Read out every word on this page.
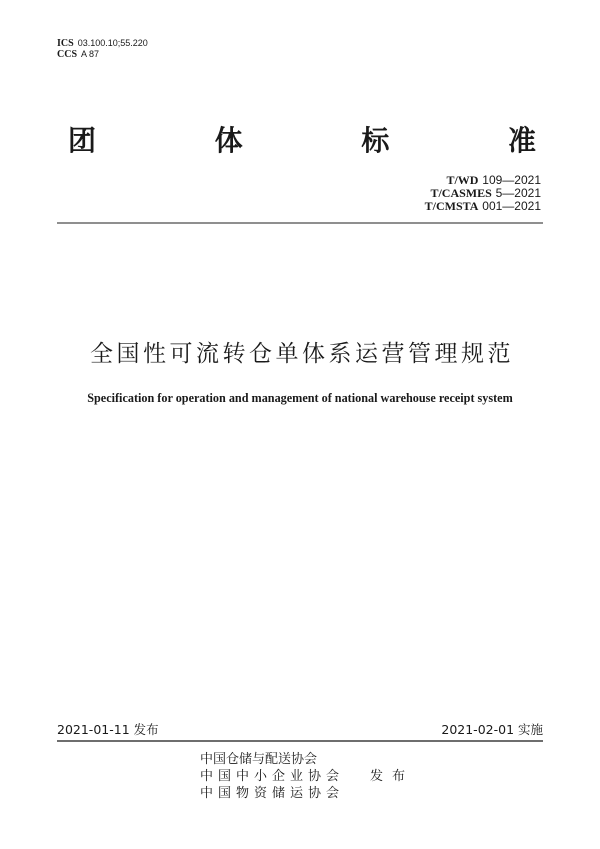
ICS 03.100.10;55.220
CCS A 87
团	体	标	准
T/WD 109—2021
T/CASMES 5—2021
T/CMSTA 001—2021
全国性可流转仓单体系运营管理规范
Specification for operation and management of national warehouse receipt system
2021-01-11 发布	2021-02-01 实施
中国仓储与配送协会
中国中小企业协会
中国物资储运协会
发布
